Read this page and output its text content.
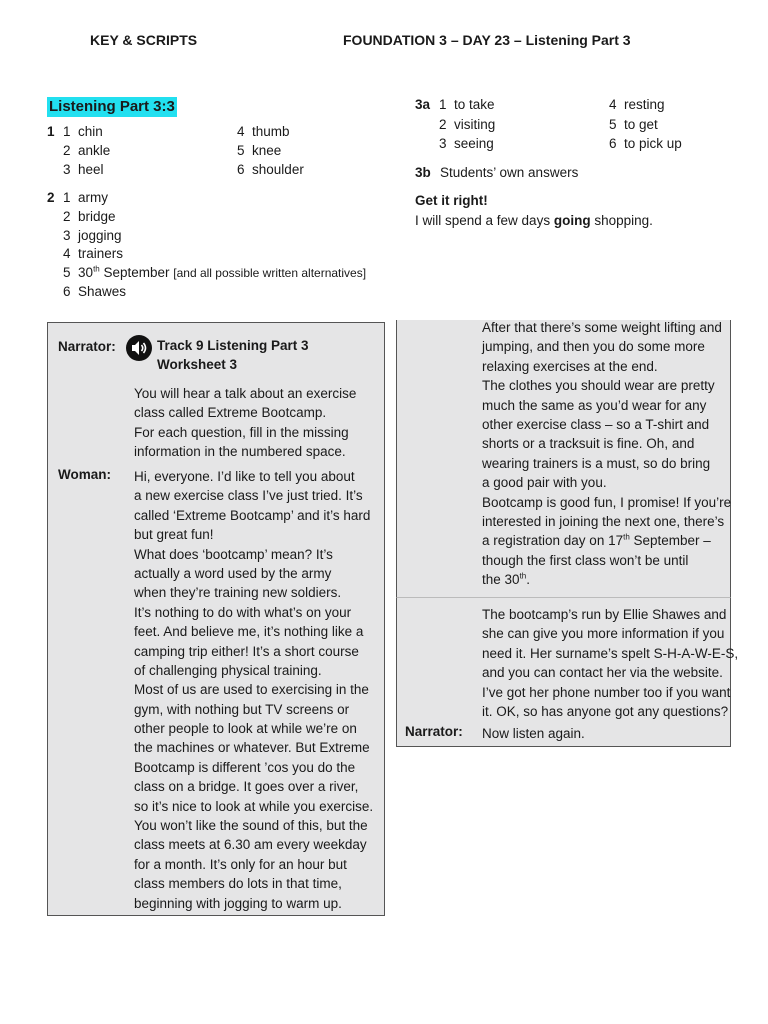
KEY & SCRIPTS	FOUNDATION 3 – DAY 23 – Listening Part 3
Listening Part 3:3
1 1 chin
2 ankle
3 heel
4 thumb
5 knee
6 shoulder
2 1 army
2 bridge
3 jogging
4 trainers
5 30th September [and all possible written alternatives]
6 Shawes
3a 1 to take
2 visiting
3 seeing
4 resting
5 to get
6 to pick up
3b Students’ own answers
Get it right!
I will spend a few days going shopping.
Narrator:	Track 9 Listening Part 3
Worksheet 3
You will hear a talk about an exercise
class called Extreme Bootcamp.
For each question, fill in the missing
information in the numbered space.
Woman: Hi, everyone. I’d like to tell you about
a new exercise class I’ve just tried. It’s
called ‘Extreme Bootcamp’ and it’s hard
but great fun!
What does ‘bootcamp’ mean? It’s
actually a word used by the army
when they’re training new soldiers.
It’s nothing to do with what’s on your
feet. And believe me, it’s nothing like a
camping trip either! It’s a short course
of challenging physical training.
Most of us are used to exercising in the
gym, with nothing but TV screens or
other people to look at while we’re on
the machines or whatever. But Extreme
Bootcamp is different ’cos you do the
class on a bridge. It goes over a river,
so it’s nice to look at while you exercise.
You won’t like the sound of this, but the
class meets at 6.30 am every weekday
for a month. It’s only for an hour but
class members do lots in that time,
beginning with jogging to warm up.
After that there’s some weight lifting and
jumping, and then you do some more
relaxing exercises at the end.
The clothes you should wear are pretty
much the same as you’d wear for any
other exercise class – so a T-shirt and
shorts or a tracksuit is fine. Oh, and
wearing trainers is a must, so do bring
a good pair with you.
Bootcamp is good fun, I promise! If you’re
interested in joining the next one, there’s
a registration day on 17th September –
though the first class won’t be until
the 30th.
The bootcamp’s run by Ellie Shawes and
she can give you more information if you
need it. Her surname’s spelt S-H-A-W-E-S,
and you can contact her via the website.
I’ve got her phone number too if you want
it. OK, so has anyone got any questions?
Narrator: Now listen again.
